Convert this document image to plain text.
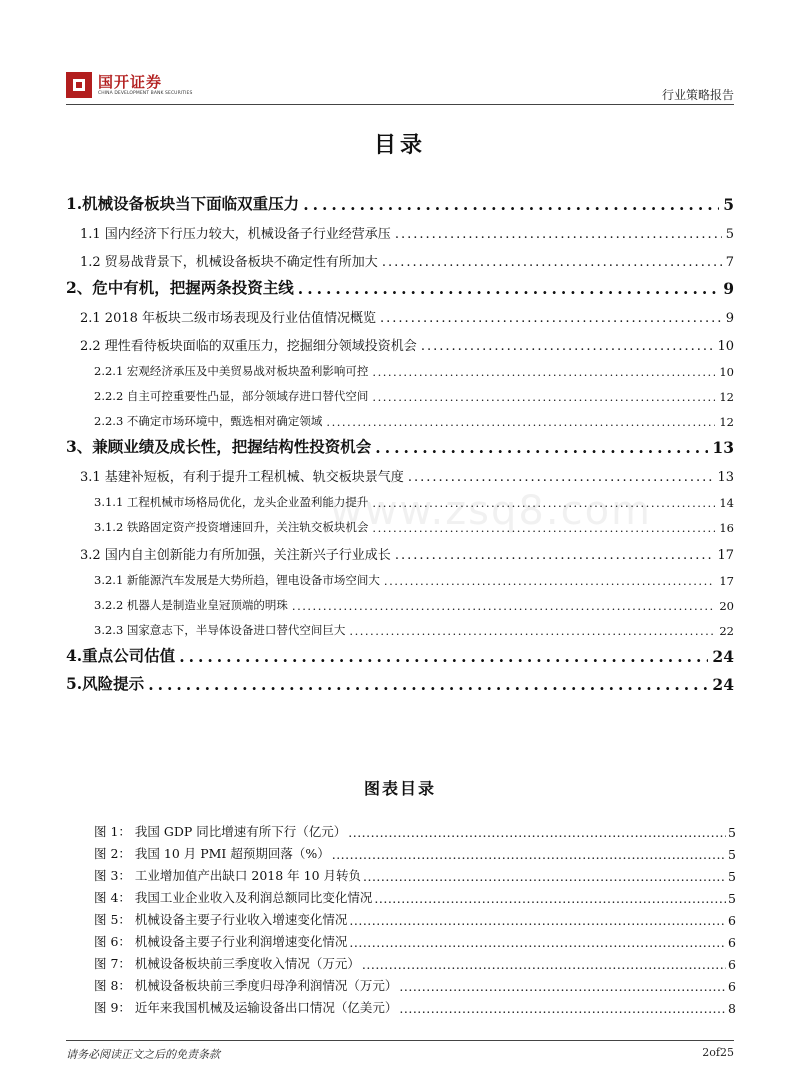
国开证券
CHINA DEVELOPMENT BANK SECURITIES	行业策略报告
目录
1.机械设备板块当下面临双重压力 .....	5
1.1 国内经济下行压力较大，机械设备子行业经营承压 .....	5
1.2 贸易战背景下，机械设备板块不确定性有所加大 .....	7
2、危中有机，把握两条投资主线 .....	9
2.1 2018 年板块二级市场表现及行业估值情况概览 .....	9
2.2 理性看待板块面临的双重压力，挖掘细分领域投资机会 .....	10
2.2.1 宏观经济承压及中美贸易战对板块盈利影响可控 .....	10
2.2.2 自主可控重要性凸显，部分领域存进口替代空间 .....	12
2.2.3 不确定市场环境中，甄选相对确定领域 .....	12
3、兼顾业绩及成长性，把握结构性投资机会 .....	13
3.1 基建补短板，有利于提升工程机械、轨交板块景气度 .....	13
3.1.1 工程机械市场格局优化，龙头企业盈利能力提升 .....	14
3.1.2 铁路固定资产投资增速回升，关注轨交板块机会 .....	16
3.2 国内自主创新能力有所加强，关注新兴子行业成长 .....	17
3.2.1 新能源汽车发展是大势所趋，锂电设备市场空间大 .....	17
3.2.2 机器人是制造业皇冠顶端的明珠 .....	20
3.2.3 国家意志下，半导体设备进口替代空间巨大 .....	22
4.重点公司估值 .....	24
5.风险提示 .....	24
www.zsq8.com
图表目录
图 1： 我国 GDP 同比增速有所下行（亿元） .....	5
图 2： 我国 10 月 PMI 超预期回落（%） .....	5
图 3： 工业增加值产出缺口 2018 年 10 月转负 .....	5
图 4： 我国工业企业收入及利润总额同比变化情况 .....	5
图 5： 机械设备主要子行业收入增速变化情况 .....	6
图 6： 机械设备主要子行业利润增速变化情况 .....	6
图 7： 机械设备板块前三季度收入情况（万元） .....	6
图 8： 机械设备板块前三季度归母净利润情况（万元） .....	6
图 9： 近年来我国机械及运输设备出口情况（亿美元） .....	8
请务必阅读正文之后的免责条款	2of25
